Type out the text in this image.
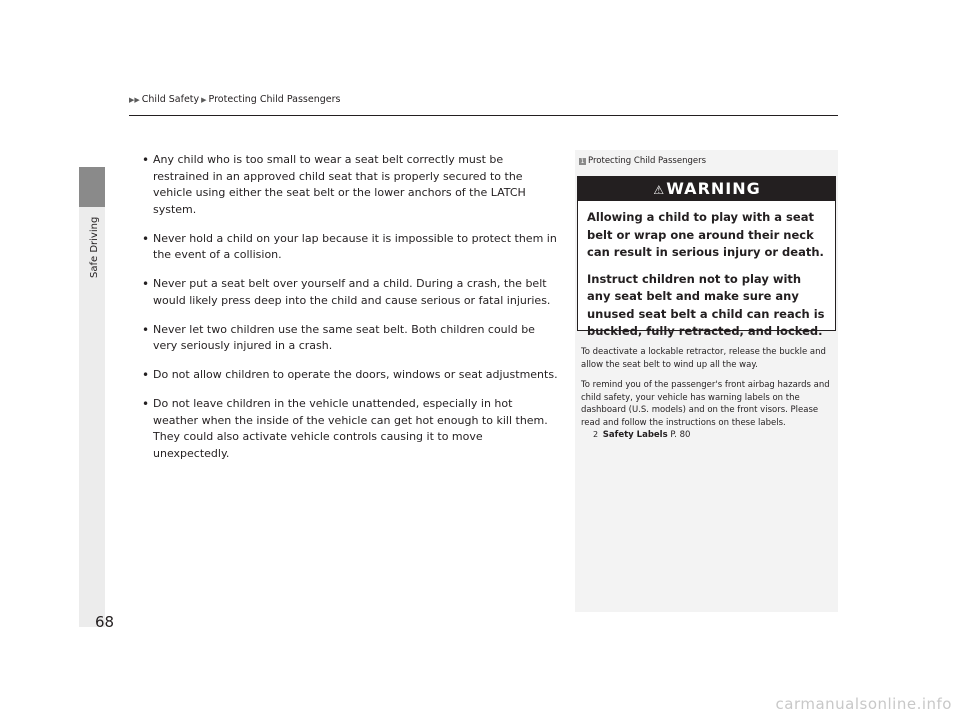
Safe Driving
▶▶ Child Safety ▶ Protecting Child Passengers
• Any child who is too small to wear a seat belt correctly must be restrained in an approved child seat that is properly secured to the vehicle using either the seat belt or the lower anchors of the LATCH system.
• Never hold a child on your lap because it is impossible to protect them in the event of a collision.
• Never put a seat belt over yourself and a child. During a crash, the belt would likely press deep into the child and cause serious or fatal injuries.
• Never let two children use the same seat belt. Both children could be very seriously injured in a crash.
• Do not allow children to operate the doors, windows or seat adjustments.
• Do not leave children in the vehicle unattended, especially in hot weather when the inside of the vehicle can get hot enough to kill them. They could also activate vehicle controls causing it to move unexpectedly.
1 Protecting Child Passengers
⚠WARNING

Allowing a child to play with a seat belt or wrap one around their neck can result in serious injury or death.

Instruct children not to play with any seat belt and make sure any unused seat belt a child can reach is buckled, fully retracted, and locked.

To deactivate a lockable retractor, release the buckle and allow the seat belt to wind up all the way.

To remind you of the passenger's front airbag hazards and child safety, your vehicle has warning labels on the dashboard (U.S. models) and on the front visors. Please read and follow the instructions on these labels.

2 Safety Labels P. 80
68
carmanualsonline.info
